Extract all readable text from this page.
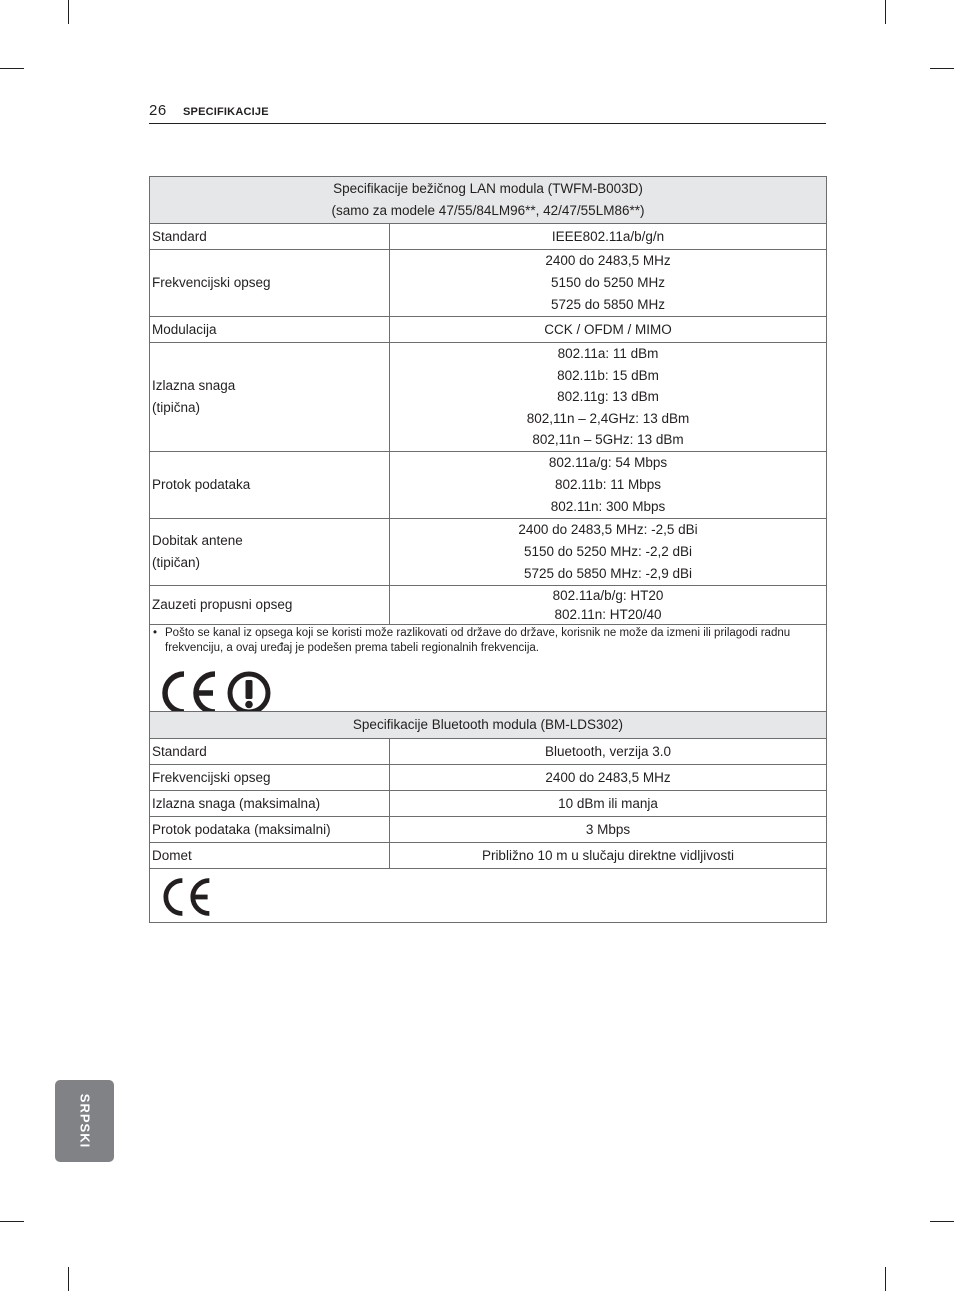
26 SPECIFIKACIJE
Specifikacije bežičnog LAN modula (TWFM-B003D)
(samo za modele 47/55/84LM96**, 42/47/55LM86**)	

Standard	IEEE802.11a/b/g/n

Frekvencijski opseg	2400 do 2483,5 MHz
5150 do 5250 MHz
5725 do 5850 MHz

Modulacija	CCK / OFDM / MIMO

Izlazna snaga
(tipična)	802.11a: 11 dBm
802.11b: 15 dBm
802.11g: 13 dBm
802,11n – 2,4GHz: 13 dBm
802,11n – 5GHz: 13 dBm

Protok podataka	802.11a/g: 54 Mbps
802.11b: 11 Mbps
802.11n: 300 Mbps

Dobitak antene
(tipičan)	2400 do 2483,5 MHz: -2,5 dBi
5150 do 5250 MHz: -2,2 dBi
5725 do 5850 MHz: -2,9 dBi

Zauzeti propusni opseg	802.11a/b/g: HT20
802.11n: HT20/40

• Pošto se kanal iz opsega koji se koristi može razlikovati od države do države, korisnik ne može da izmeni ili prilagodi radnu frekvenciju, a ovaj uređaj je podešen prema tabeli regionalnih frekvencija.	
Specifikacije Bluetooth modula (BM-LDS302)	

Standard	Bluetooth, verzija 3.0
Frekvencijski opseg	2400 do 2483,5 MHz
Izlazna snaga (maksimalna)	10 dBm ili manja
Protok podataka (maksimalni)	3 Mbps
Domet	Približno 10 m u slučaju direktne vidljivosti

SRPSKI
